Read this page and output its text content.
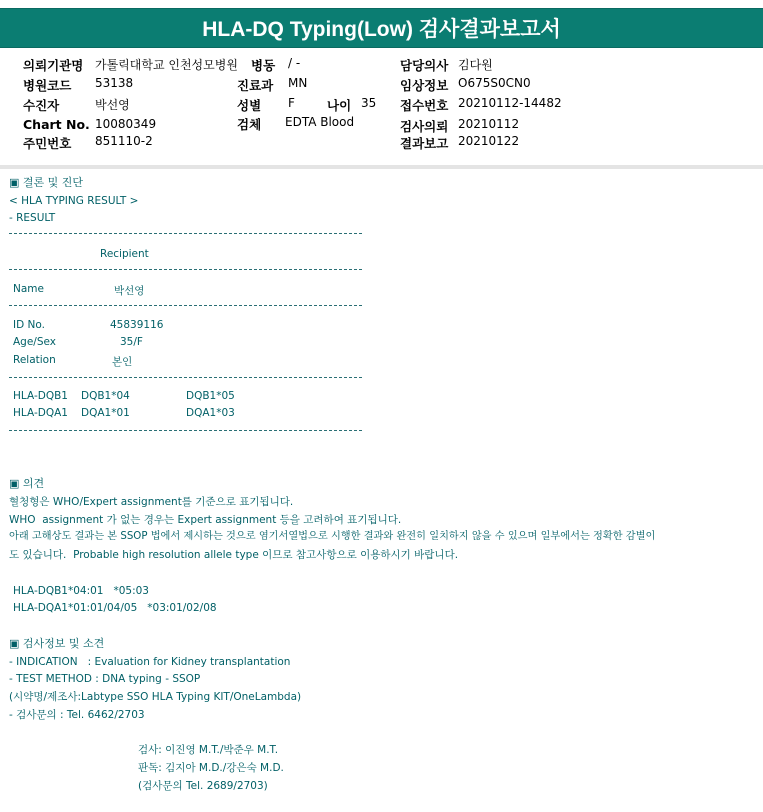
HLA-DQ Typing(Low) 검사결과보고서
의뢰기관명 가톨릭대학교 인천성모병원 병동 / -	담당의사 김다원
병원코드 53138	진료과 MN	임상정보 O675S0CN0
수진자	박선영	성별 F	나이 35 접수번호 20210112-14482
Chart No. 10080349	검체 EDTA Blood	검사의뢰 20210112
주민번호 851110-2	결과보고 20210122
▣ 결론 및 진단
< HLA TYPING RESULT >
- RESULT
Recipient
Name	박선영
ID No.	45839116
Age/Sex	35/F
Relation	본인
HLA-DQB1 DQB1*04	DQB1*05
HLA-DQA1 DQA1*01	DQA1*03
▣ 의견
혈청형은 WHO/Expert assignment를 기준으로 표기됩니다.
WHO  assignment 가 없는 경우는 Expert assignment 등을 고려하여 표기됩니다.
아래 고해상도 결과는 본 SSOP 법에서 제시하는 것으로 염기서열법으로 시행한 결과와 완전히 일치하지 않을 수 있으며 일부에서는 정확한 감별이
도 있습니다.  Probable high resolution allele type 이므로 참고사항으로 이용하시기 바랍니다.
HLA-DQB1*04:01   *05:03
HLA-DQA1*01:01/04/05   *03:01/02/08
▣ 검사정보 및 소견
- INDICATION   : Evaluation for Kidney transplantation
- TEST METHOD : DNA typing - SSOP
(시약명/제조사:Labtype SSO HLA Typing KIT/OneLambda)
- 검사문의 : Tel. 6462/2703
검사: 이진영 M.T./박준우 M.T.
판독: 김지아 M.D./강은숙 M.D.
(검사문의 Tel. 2689/2703)
